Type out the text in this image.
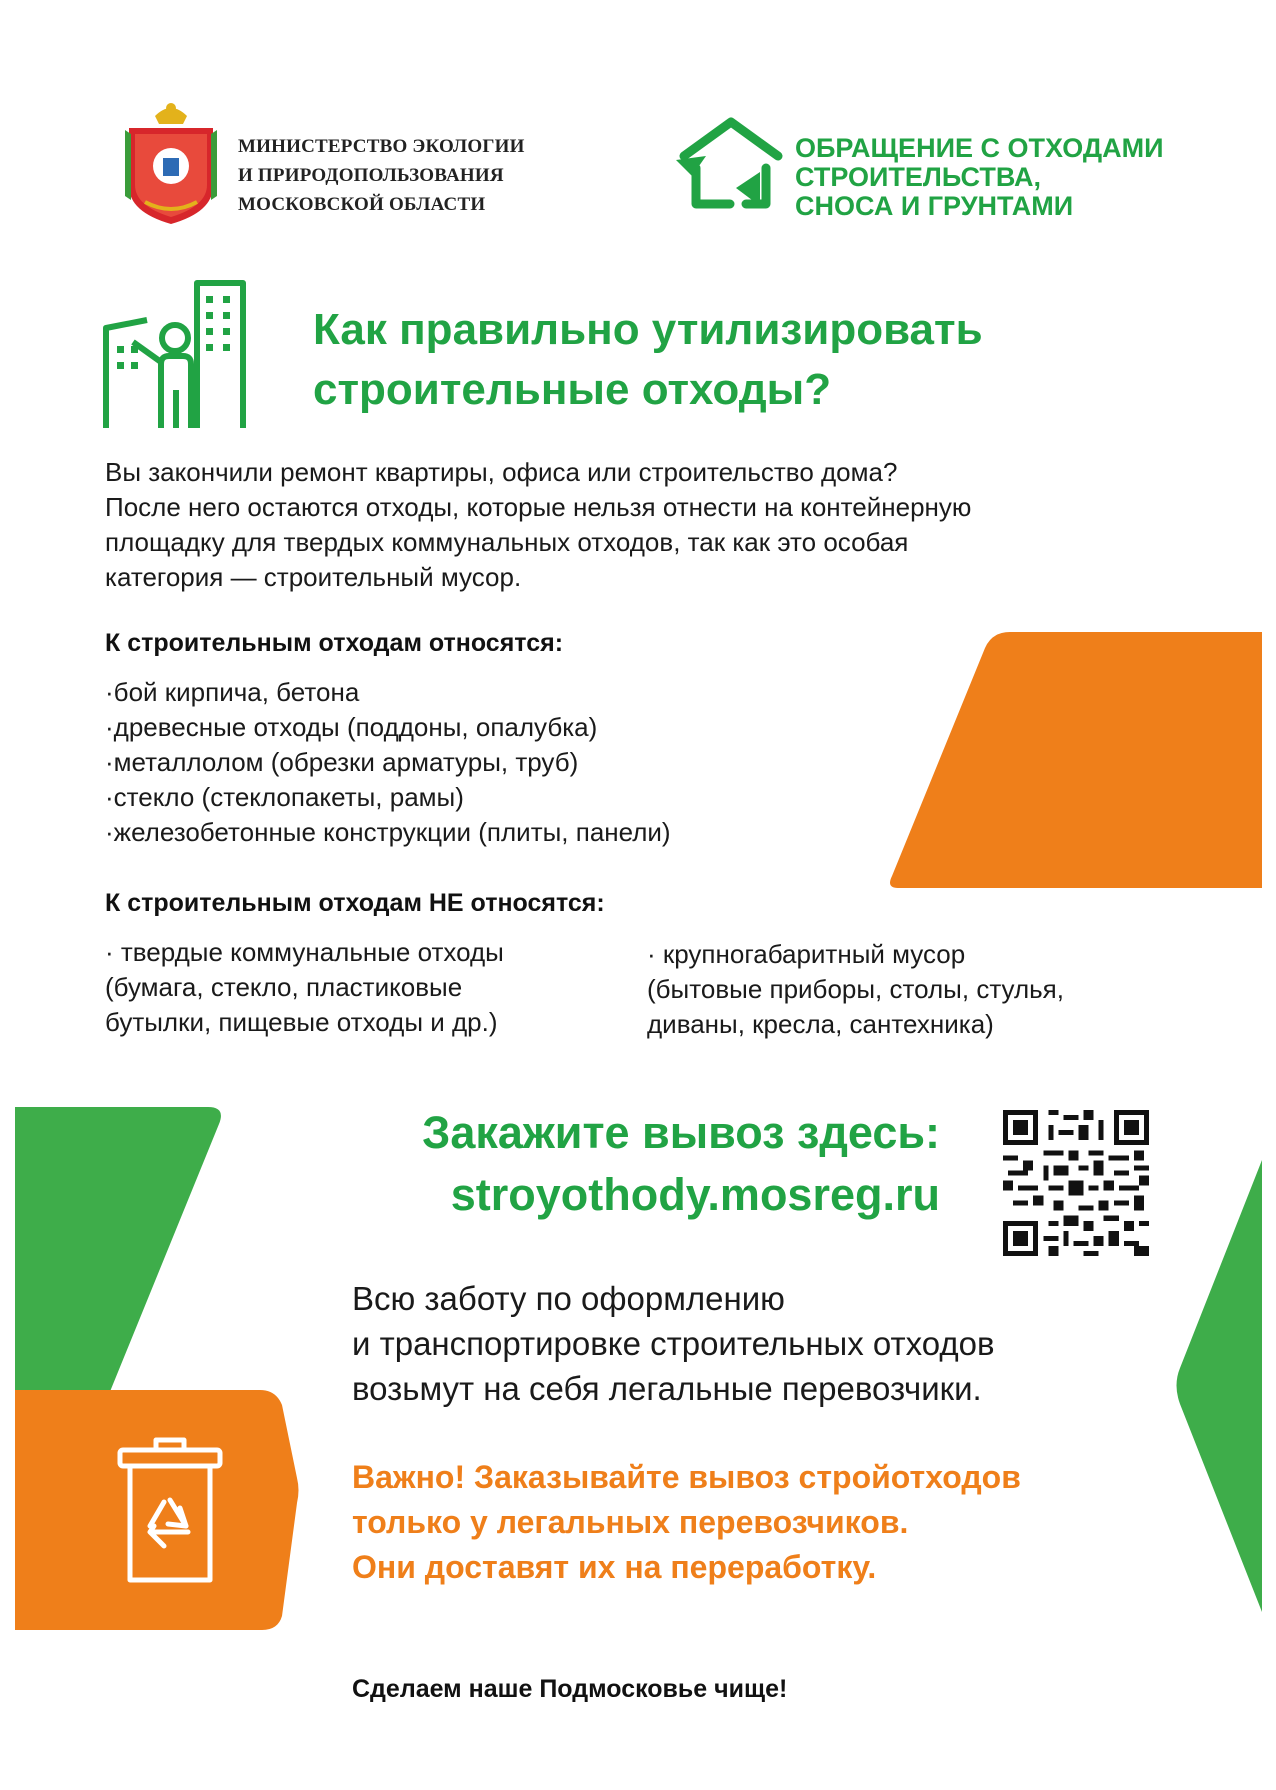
МИНИСТЕРСТВО ЭКОЛОГИИ
И ПРИРОДОПОЛЬЗОВАНИЯ
МОСКОВСКОЙ ОБЛАСТИ
ОБРАЩЕНИЕ С ОТХОДАМИ
СТРОИТЕЛЬСТВА,
СНОСА И ГРУНТАМИ
Как правильно утилизировать
строительные отходы?
Вы закончили ремонт квартиры, офиса или строительство дома?
После него остаются отходы, которые нельзя отнести на контейнерную
площадку для твердых коммунальных отходов, так как это особая
категория — строительный мусор.
К строительным отходам относятся:
· бой кирпича, бетона
· древесные отходы (поддоны, опалубка)
· металлолом (обрезки арматуры, труб)
· стекло (стеклопакеты, рамы)
· железобетонные конструкции (плиты, панели)
К строительным отходам НЕ относятся:
· твердые коммунальные отходы
(бумага, стекло, пластиковые
бутылки, пищевые отходы и др.)
· крупногабаритный мусор
(бытовые приборы, столы, стулья,
диваны, кресла, сантехника)
Закажите вывоз здесь:
stroyothody.mosreg.ru
Всю заботу по оформлению
и транспортировке строительных отходов
возьмут на себя легальные перевозчики.
Важно! Заказывайте вывоз стройотходов
только у легальных перевозчиков.
Они доставят их на переработку.
Сделаем наше Подмосковье чище!
